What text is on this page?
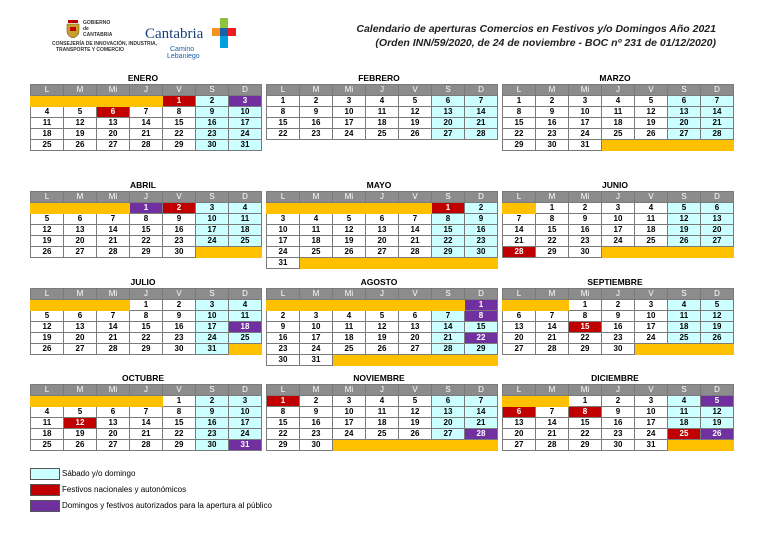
GOBIERNO
de
CANTABRIA
CONSEJERÍA DE INNOVACIÓN, INDUSTRIA,
TRANSPORTE Y COMERCIO
Cantabria
Camino
Lebaniego
Calendario de aperturas Comercios en Festivos y/o Domingos Año 2021
(Orden INN/59/2020, de 24 de noviembre - BOC nº 231 de 01/12/2020)
ENERO
L	M	Mi	J	V	S	D
				1	2	3
4	5	6	7	8	9	10
11	12	13	14	15	16	17
18	19	20	21	22	23	24
25	26	27	28	29	30	31
FEBRERO
L	M	Mi	J	V	S	D
1	2	3	4	5	6	7
8	9	10	11	12	13	14
15	16	17	18	19	20	21
22	23	24	25	26	27	28
MARZO
L	M	Mi	J	V	S	D
1	2	3	4	5	6	7
8	9	10	11	12	13	14
15	16	17	18	19	20	21
22	23	24	25	26	27	28
29	30	31				
ABRIL
L	M	Mi	J	V	S	D
			1	2	3	4
5	6	7	8	9	10	11
12	13	14	15	16	17	18
19	20	21	22	23	24	25
26	27	28	29	30		
MAYO
L	M	Mi	J	V	S	D
					1	2
3	4	5	6	7	8	9
10	11	12	13	14	15	16
17	18	19	20	21	22	23
24	25	26	27	28	29	30
31						
JUNIO
L	M	Mi	J	V	S	D
	1	2	3	4	5	6
7	8	9	10	11	12	13
14	15	16	17	18	19	20
21	22	23	24	25	26	27
28	29	30				
JULIO
L	M	Mi	J	V	S	D
			1	2	3	4
5	6	7	8	9	10	11
12	13	14	15	16	17	18
19	20	21	22	23	24	25
26	27	28	29	30	31	
AGOSTO
L	M	Mi	J	V	S	D
						1
2	3	4	5	6	7	8
9	10	11	12	13	14	15
16	17	18	19	20	21	22
23	24	25	26	27	28	29
30	31					
SEPTIEMBRE
L	M	Mi	J	V	S	D
		1	2	3	4	5
6	7	8	9	10	11	12
13	14	15	16	17	18	19
20	21	22	23	24	25	26
27	28	29	30			
OCTUBRE
L	M	Mi	J	V	S	D
				1	2	3
4	5	6	7	8	9	10
11	12	13	14	15	16	17
18	19	20	21	22	23	24
25	26	27	28	29	30	31
NOVIEMBRE
L	M	Mi	J	V	S	D
1	2	3	4	5	6	7
8	9	10	11	12	13	14
15	16	17	18	19	20	21
22	23	24	25	26	27	28
29	30					
DICIEMBRE
L	M	Mi	J	V	S	D
		1	2	3	4	5
6	7	8	9	10	11	12
13	14	15	16	17	18	19
20	21	22	23	24	25	26
27	28	29	30	31		
Sábado y/o domingo
Festivos nacionales y autonómicos
Domingos y festivos autorizados para la apertura al público
